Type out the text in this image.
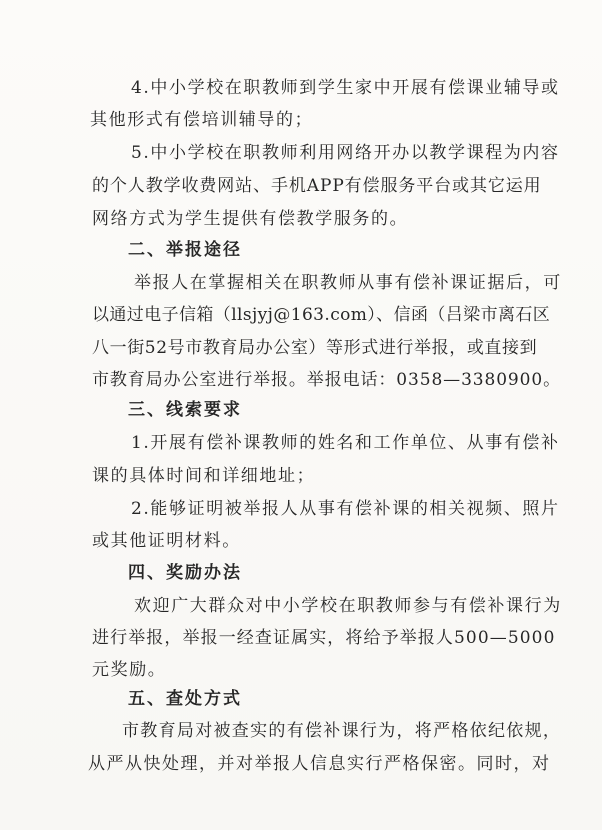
4.中小学校在职教师到学生家中开展有偿课业辅导或
其他形式有偿培训辅导的；
5.中小学校在职教师利用网络开办以教学课程为内容
的个人教学收费网站、手机APP有偿服务平台或其它运用
网络方式为学生提供有偿教学服务的。
二、举报途径
举报人在掌握相关在职教师从事有偿补课证据后，可
以通过电子信箱（llsjyj@163.com）、信函（吕梁市离石区
八一街52号市教育局办公室）等形式进行举报，或直接到
市教育局办公室进行举报。举报电话：0358—3380900。
三、线索要求
1.开展有偿补课教师的姓名和工作单位、从事有偿补
课的具体时间和详细地址；
2.能够证明被举报人从事有偿补课的相关视频、照片
或其他证明材料。
四、奖励办法
欢迎广大群众对中小学校在职教师参与有偿补课行为
进行举报，举报一经查证属实，将给予举报人500—5000
元奖励。
五、查处方式
市教育局对被查实的有偿补课行为，将严格依纪依规，
从严从快处理，并对举报人信息实行严格保密。同时，对
